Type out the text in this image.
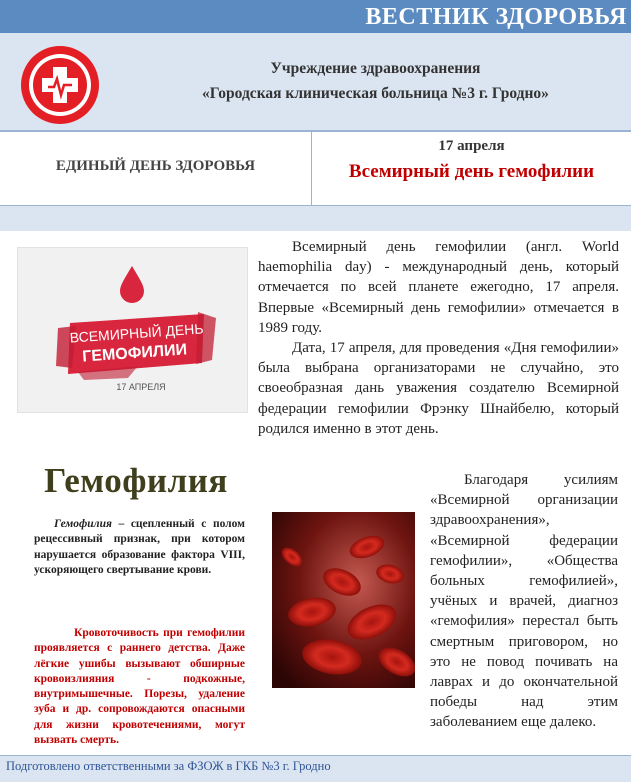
ВЕСТНИК ЗДОРОВЬЯ
Учреждение здравоохранения
«Городская клиническая больница №3 г. Гродно»
ЕДИНЫЙ ДЕНЬ ЗДОРОВЬЯ
17 апреля
Всемирный день гемофилии
ВСЕМИРНЫЙ ДЕНЬ
ГЕМОФИЛИИ
17 АПРЕЛЯ

Всемирный день гемофилии (англ. World haemophilia day) - международный день, который отмечается по всей планете ежегодно, 17 апреля. Впервые «Всемирный день гемофилии» отмечается в 1989 году.

Дата, 17 апреля, для проведения «Дня гемофилии» была выбрана организаторами не случайно, это своеобразная дань уважения создателю Всемирной федерации гемофилии Фрэнку Шнайбелю, который родился именно в этот день.

Гемофилия
Гемофилия – сцепленный с полом рецессивный признак, при котором нарушается образование фактора VIII, ускоряющего свертывание крови.
Кровоточивость при гемофилии проявляется с раннего детства. Даже лёгкие ушибы вызывают обширные кровоизлияния - подкожные, внутримышечные. Порезы, удаление зуба и др. сопровождаются опасными для жизни кровотечениями, могут вызвать смерть.
Благодаря усилиям «Всемирной организации здравоохранения», «Всемирной федерации гемофилии», «Общества больных гемофилией», учёных и врачей, диагноз «гемофилия» перестал быть смертным приговором, но это не повод почивать на лаврах и до окончательной победы над этим заболеванием еще далеко.
Подготовлено ответственными за ФЗОЖ в ГКБ №3 г. Гродно
